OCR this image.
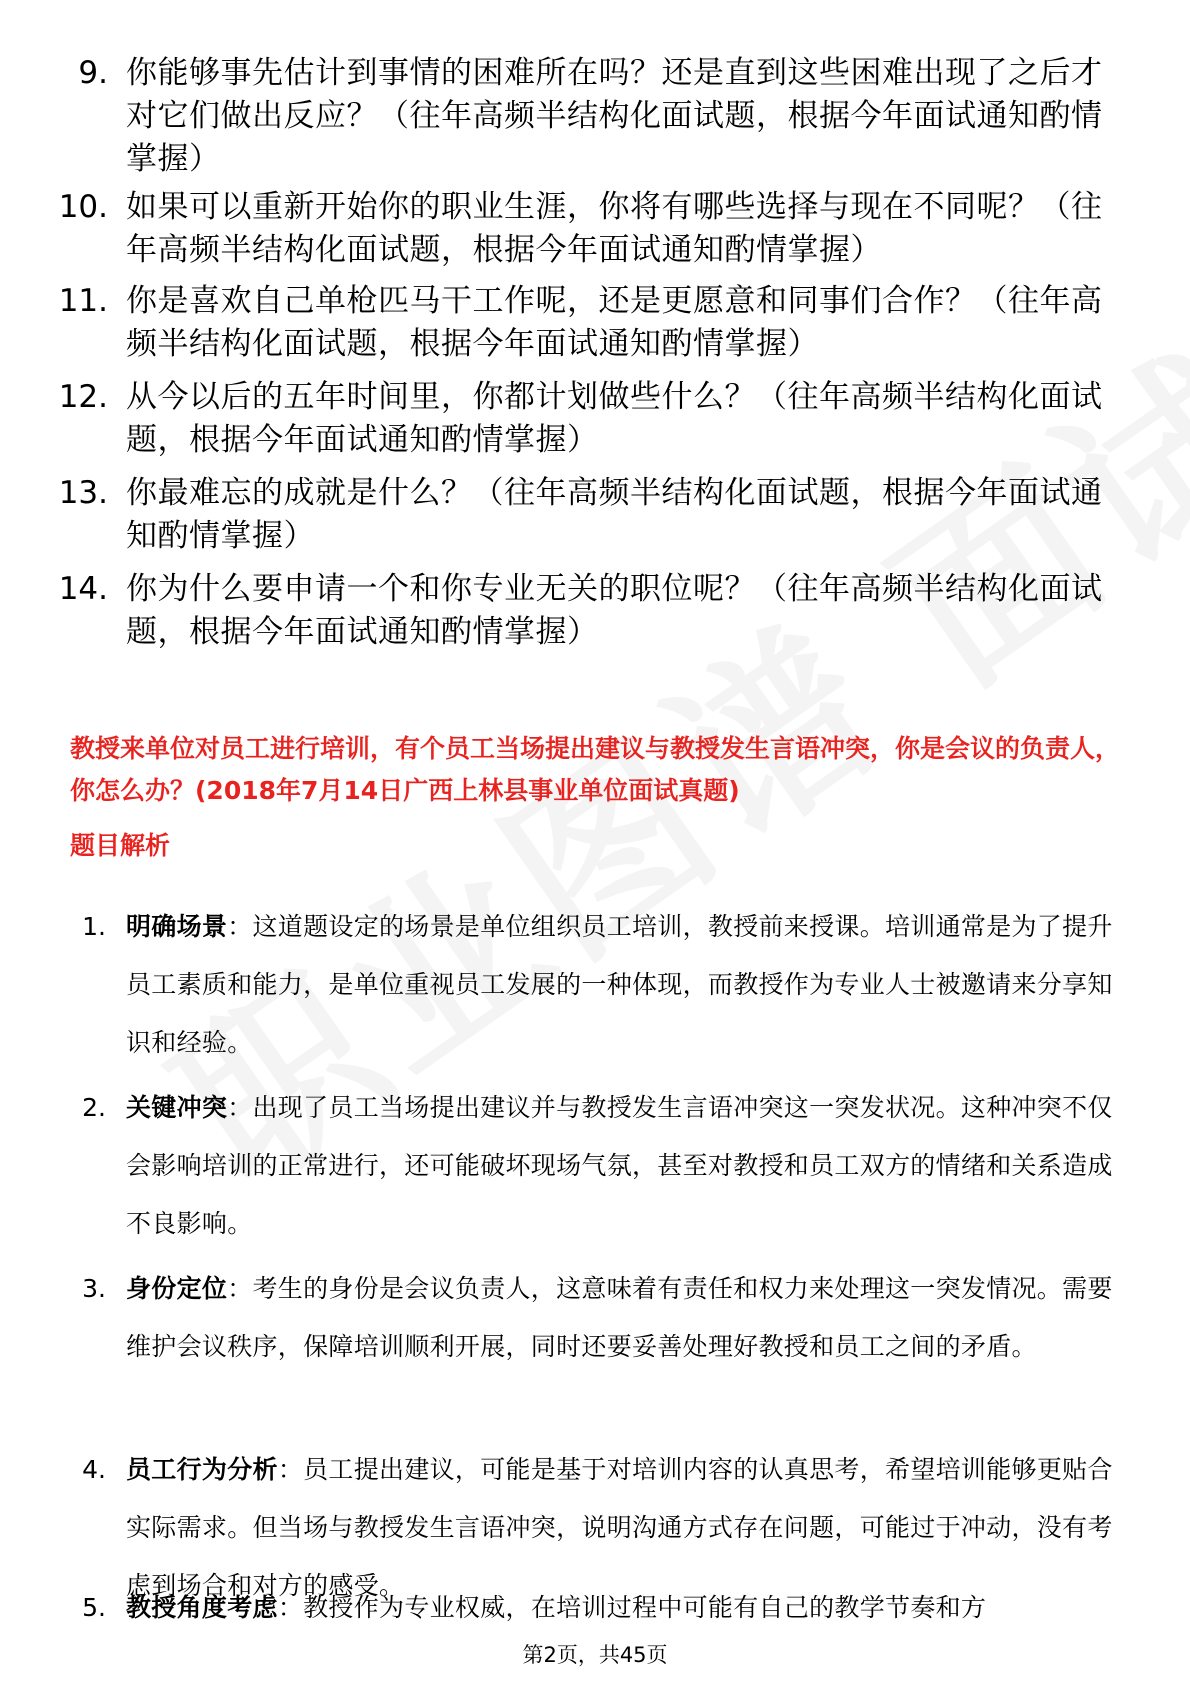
9. 你能够事先估计到事情的困难所在吗？还是直到这些困难出现了之后才对它们做出反应？（往年高频半结构化面试题，根据今年面试通知酌情掌握）
10. 如果可以重新开始你的职业生涯，你将有哪些选择与现在不同呢？（往年高频半结构化面试题，根据今年面试通知酌情掌握）
11. 你是喜欢自己单枪匹马干工作呢，还是更愿意和同事们合作？（往年高频半结构化面试题，根据今年面试通知酌情掌握）
12. 从今以后的五年时间里，你都计划做些什么？（往年高频半结构化面试题，根据今年面试通知酌情掌握）
13. 你最难忘的成就是什么？（往年高频半结构化面试题，根据今年面试通知酌情掌握）
14. 你为什么要申请一个和你专业无关的职位呢？（往年高频半结构化面试题，根据今年面试通知酌情掌握）
教授来单位对员工进行培训，有个员工当场提出建议与教授发生言语冲突，你是会议的负责人，你怎么办？(2018年7月14日广西上林县事业单位面试真题)
题目解析
1. 明确场景：这道题设定的场景是单位组织员工培训，教授前来授课。培训通常是为了提升员工素质和能力，是单位重视员工发展的一种体现，而教授作为专业人士被邀请来分享知识和经验。
2. 关键冲突：出现了员工当场提出建议并与教授发生言语冲突这一突发状况。这种冲突不仅会影响培训的正常进行，还可能破坏现场气氛，甚至对教授和员工双方的情绪和关系造成不良影响。
3. 身份定位：考生的身份是会议负责人，这意味着有责任和权力来处理这一突发情况。需要维护会议秩序，保障培训顺利开展，同时还要妥善处理好教授和员工之间的矛盾。
4. 员工行为分析：员工提出建议，可能是基于对培训内容的认真思考，希望培训能够更贴合实际需求。但当场与教授发生言语冲突，说明沟通方式存在问题，可能过于冲动，没有考虑到场合和对方的感受。
5. 教授角度考虑：教授作为专业权威，在培训过程中可能有自己的教学节奏和方
第2页，共45页
